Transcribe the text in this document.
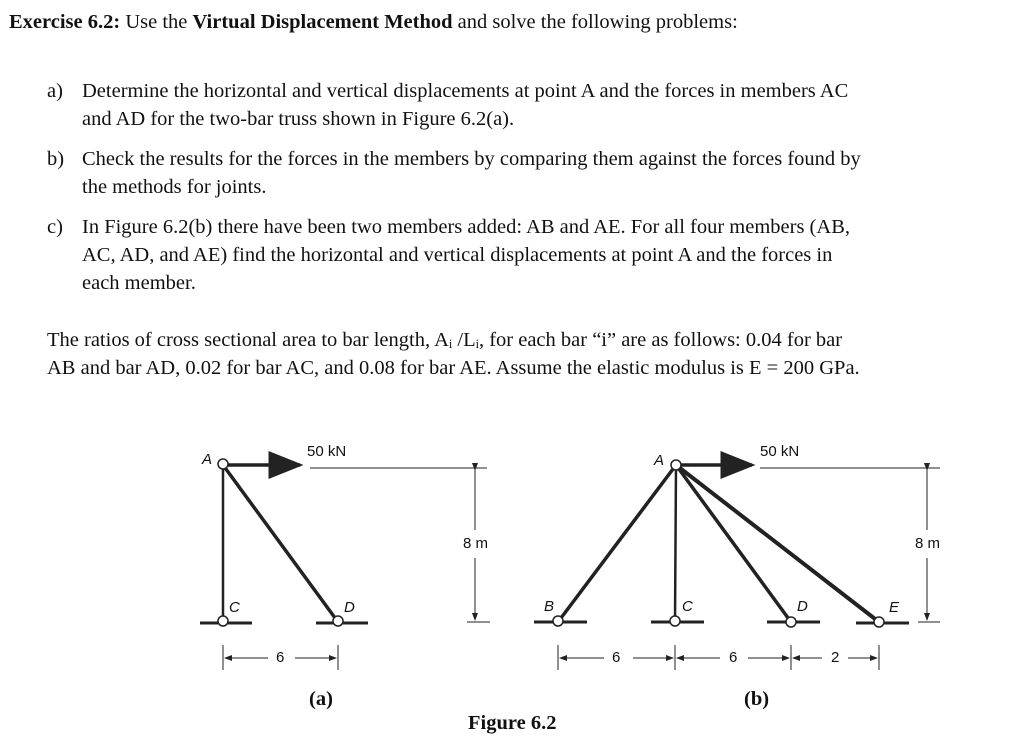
Exercise 6.2: Use the Virtual Displacement Method and solve the following problems:
a) Determine the horizontal and vertical displacements at point A and the forces in members AC
and AD for the two-bar truss shown in Figure 6.2(a).
b) Check the results for the forces in the members by comparing them against the forces found by
the methods for joints.
c) In Figure 6.2(b) there have been two members added: AB and AE. For all four members (AB,
AC, AD, and AE) find the horizontal and vertical displacements at point A and the forces in
each member.
The ratios of cross sectional area to bar length, Aᵢ /Lᵢ, for each bar “i” are as follows: 0.04 for bar
AB and bar AD, 0.02 for bar AC, and 0.08 for bar AE. Assume the elastic modulus is E = 200 GPa.
A
C	D
50 kN
8 m
6
(a)
A
B	C	D	E
50 kN
8 m
6	6	2
(b)
Figure 6.2
